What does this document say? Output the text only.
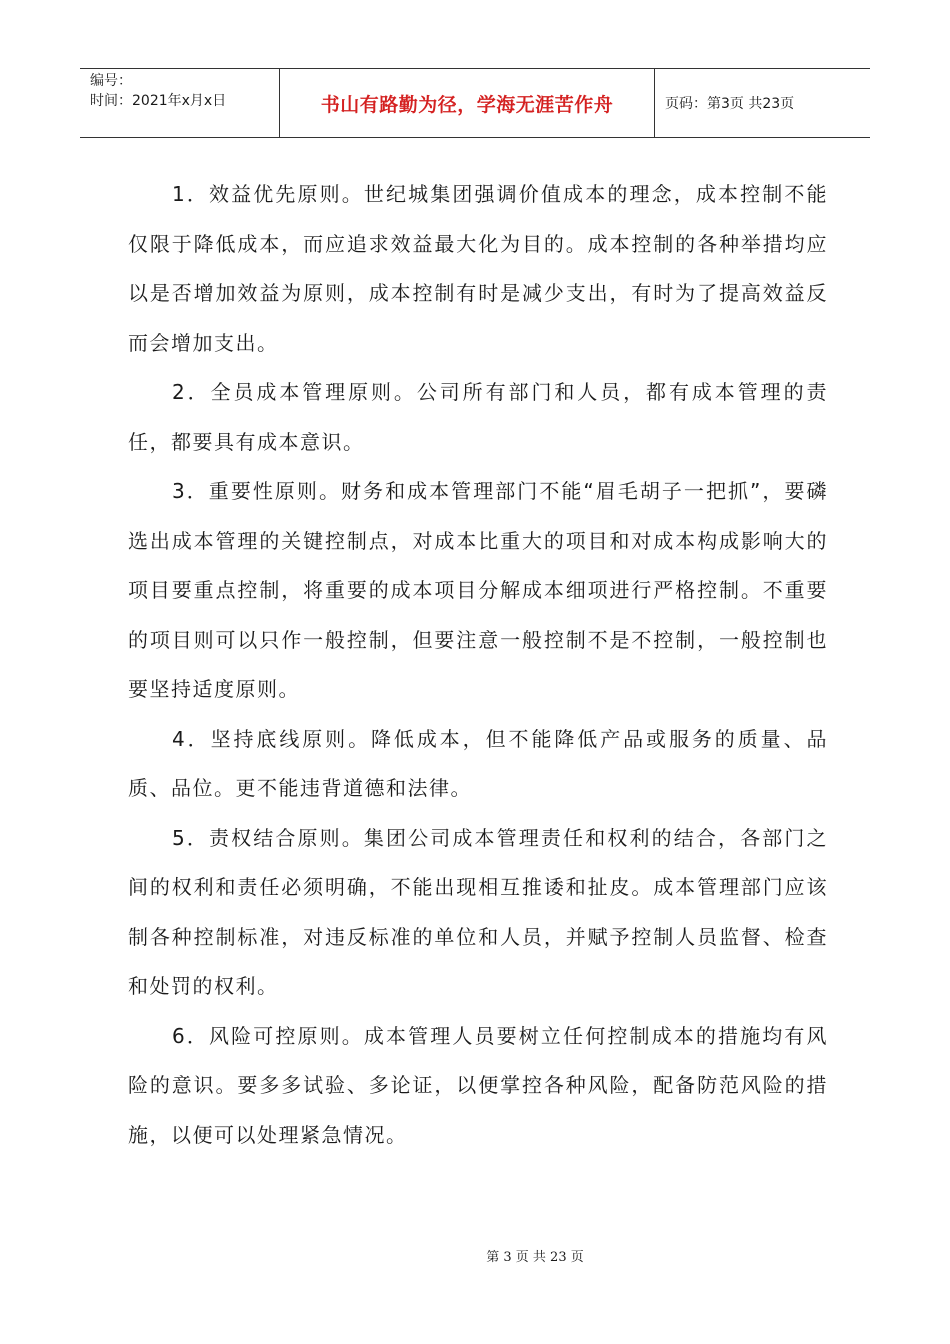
编号：
时间：2021年x月x日	书山有路勤为径，学海无涯苦作舟	页码：第3页 共23页

1．效益优先原则。世纪城集团强调价值成本的理念，成本控制不能仅限于降低成本，而应追求效益最大化为目的。成本控制的各种举措均应以是否增加效益为原则，成本控制有时是减少支出，有时为了提高效益反而会增加支出。

2．全员成本管理原则。公司所有部门和人员，都有成本管理的责任，都要具有成本意识。

3．重要性原则。财务和成本管理部门不能“眉毛胡子一把抓”，要磷选出成本管理的关键控制点，对成本比重大的项目和对成本构成影响大的项目要重点控制，将重要的成本项目分解成本细项进行严格控制。不重要的项目则可以只作一般控制，但要注意一般控制不是不控制，一般控制也要坚持适度原则。

4．坚持底线原则。降低成本，但不能降低产品或服务的质量、品质、品位。更不能违背道德和法律。

5．责权结合原则。集团公司成本管理责任和权利的结合，各部门之间的权利和责任必须明确，不能出现相互推诿和扯皮。成本管理部门应该制各种控制标准，对违反标准的单位和人员，并赋予控制人员监督、检查和处罚的权利。

6．风险可控原则。成本管理人员要树立任何控制成本的措施均有风险的意识。要多多试验、多论证，以便掌控各种风险，配备防范风险的措施，以便可以处理紧急情况。

第 3 页 共 23 页
